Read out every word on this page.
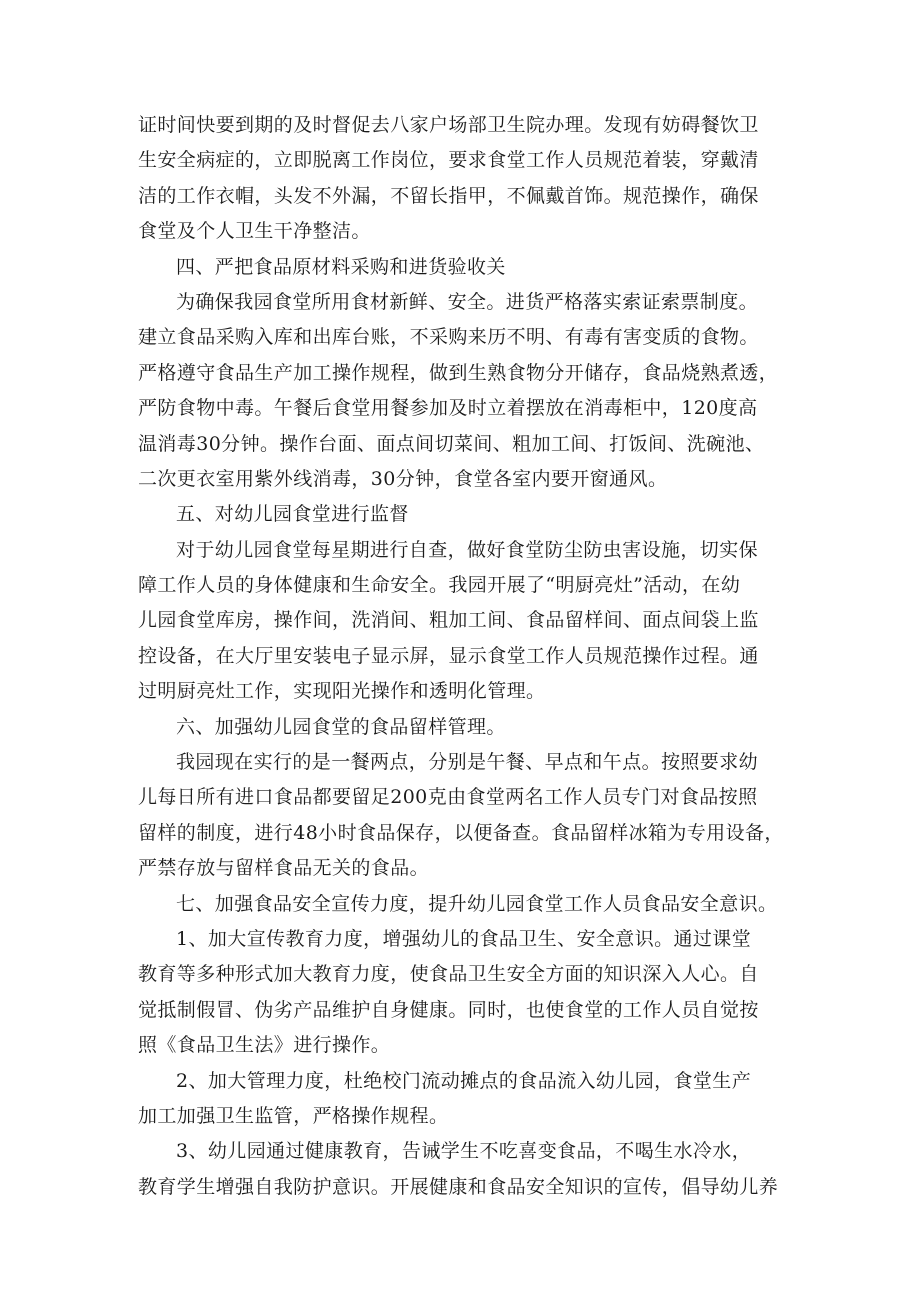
证时间快要到期的及时督促去八家户场部卫生院办理。发现有妨碍餐饮卫
生安全病症的，立即脱离工作岗位，要求食堂工作人员规范着装，穿戴清
洁的工作衣帽，头发不外漏，不留长指甲，不佩戴首饰。规范操作，确保
食堂及个人卫生干净整洁。
四、严把食品原材料采购和进货验收关
为确保我园食堂所用食材新鲜、安全。进货严格落实索证索票制度。
建立食品采购入库和出库台账，不采购来历不明、有毒有害变质的食物。
严格遵守食品生产加工操作规程，做到生熟食物分开储存，食品烧熟煮透，
严防食物中毒。午餐后食堂用餐参加及时立着摆放在消毒柜中，120度高
温消毒30分钟。操作台面、面点间切菜间、粗加工间、打饭间、洗碗池、
二次更衣室用紫外线消毒，30分钟，食堂各室内要开窗通风。
五、对幼儿园食堂进行监督
对于幼儿园食堂每星期进行自查，做好食堂防尘防虫害设施，切实保
障工作人员的身体健康和生命安全。我园开展了“明厨亮灶”活动，在幼
儿园食堂库房，操作间，洗消间、粗加工间、食品留样间、面点间袋上监
控设备，在大厅里安装电子显示屏，显示食堂工作人员规范操作过程。通
过明厨亮灶工作，实现阳光操作和透明化管理。
六、加强幼儿园食堂的食品留样管理。
我园现在实行的是一餐两点，分别是午餐、早点和午点。按照要求幼
儿每日所有进口食品都要留足200克由食堂两名工作人员专门对食品按照
留样的制度，进行48小时食品保存，以便备查。食品留样冰箱为专用设备，
严禁存放与留样食品无关的食品。
七、加强食品安全宣传力度，提升幼儿园食堂工作人员食品安全意识。
1、加大宣传教育力度，增强幼儿的食品卫生、安全意识。通过课堂
教育等多种形式加大教育力度，使食品卫生安全方面的知识深入人心。自
觉抵制假冒、伪劣产品维护自身健康。同时，也使食堂的工作人员自觉按
照《食品卫生法》进行操作。
2、加大管理力度，杜绝校门流动摊点的食品流入幼儿园，食堂生产
加工加强卫生监管，严格操作规程。
3、幼儿园通过健康教育，告诫学生不吃喜变食品，不喝生水冷水，
教育学生增强自我防护意识。开展健康和食品安全知识的宣传，倡导幼儿养
